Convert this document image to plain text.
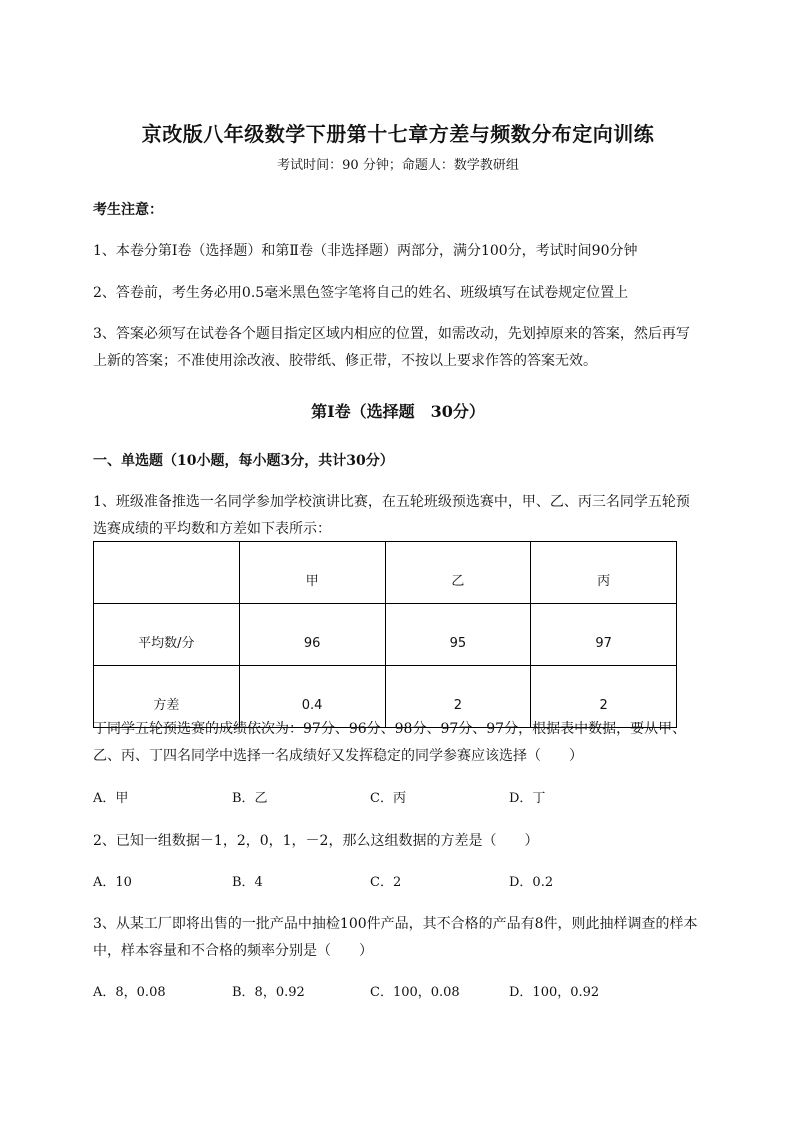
京改版八年级数学下册第十七章方差与频数分布定向训练
考试时间：90 分钟；命题人：数学教研组
考生注意：
1、本卷分第Ⅰ卷（选择题）和第Ⅱ卷（非选择题）两部分，满分100分，考试时间90分钟
2、答卷前，考生务必用0.5毫米黑色签字笔将自己的姓名、班级填写在试卷规定位置上
3、答案必须写在试卷各个题目指定区域内相应的位置，如需改动，先划掉原来的答案，然后再写上新的答案；不准使用涂改液、胶带纸、修正带，不按以上要求作答的答案无效。
第Ⅰ卷（选择题　30分）
一、单选题（10小题，每小题3分，共计30分）
1、班级准备推选一名同学参加学校演讲比赛，在五轮班级预选赛中，甲、乙、丙三名同学五轮预选赛成绩的平均数和方差如下表所示：
	甲	乙	丙
平均数/分	96	95	97
方差	0.4	2	2
丁同学五轮预选赛的成绩依次为：97分、96分、98分、97分、97分，根据表中数据，要从甲、乙、丙、丁四名同学中选择一名成绩好又发挥稳定的同学参赛应该选择（　　）
A．甲	B．乙	C．丙	D．丁
2、已知一组数据－1，2，0，1，－2，那么这组数据的方差是（　　）
A．10	B．4	C．2	D．0.2
3、从某工厂即将出售的一批产品中抽检100件产品，其不合格的产品有8件，则此抽样调查的样本中，样本容量和不合格的频率分别是（　　）
A．8，0.08	B．8，0.92	C．100，0.08	D．100，0.92
